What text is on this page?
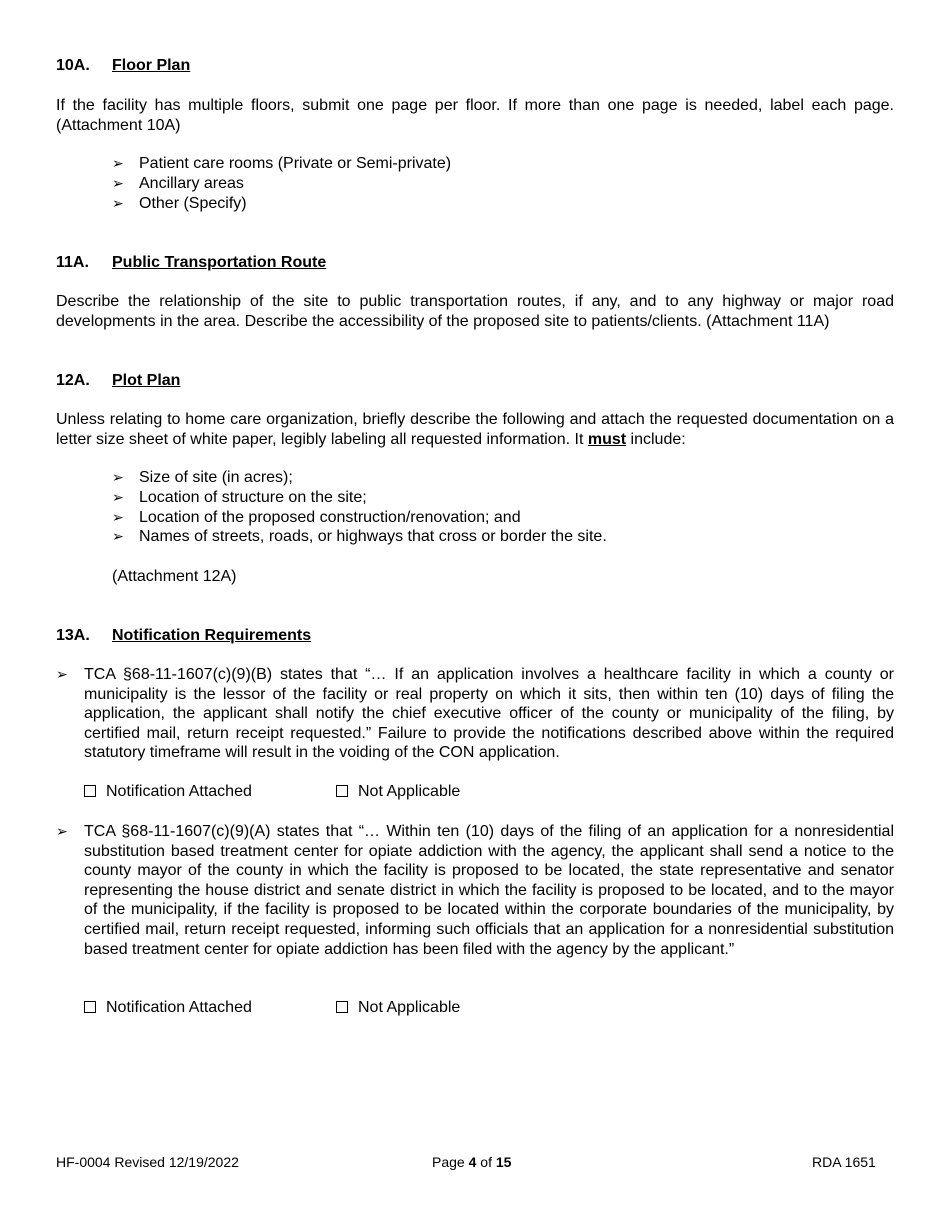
10A. Floor Plan
If the facility has multiple floors, submit one page per floor. If more than one page is needed, label each page. (Attachment 10A)
➢ Patient care rooms (Private or Semi-private)
➢ Ancillary areas
➢ Other (Specify)
11A. Public Transportation Route
Describe the relationship of the site to public transportation routes, if any, and to any highway or major road developments in the area. Describe the accessibility of the proposed site to patients/clients. (Attachment 11A)
12A. Plot Plan
Unless relating to home care organization, briefly describe the following and attach the requested documentation on a letter size sheet of white paper, legibly labeling all requested information. It must include:
➢ Size of site (in acres);
➢ Location of structure on the site;
➢ Location of the proposed construction/renovation; and
➢ Names of streets, roads, or highways that cross or border the site.
(Attachment 12A)
13A. Notification Requirements
➢ TCA §68-11-1607(c)(9)(B) states that “… If an application involves a healthcare facility in which a county or municipality is the lessor of the facility or real property on which it sits, then within ten (10) days of filing the application, the applicant shall notify the chief executive officer of the county or municipality of the filing, by certified mail, return receipt requested.” Failure to provide the notifications described above within the required statutory timeframe will result in the voiding of the CON application.
Notification Attached	Not Applicable
➢ TCA §68-11-1607(c)(9)(A) states that “… Within ten (10) days of the filing of an application for a nonresidential substitution based treatment center for opiate addiction with the agency, the applicant shall send a notice to the county mayor of the county in which the facility is proposed to be located, the state representative and senator representing the house district and senate district in which the facility is proposed to be located, and to the mayor of the municipality, if the facility is proposed to be located within the corporate boundaries of the municipality, by certified mail, return receipt requested, informing such officials that an application for a nonresidential substitution based treatment center for opiate addiction has been filed with the agency by the applicant.”
Notification Attached	Not Applicable
HF-0004 Revised 12/19/2022	Page 4 of 15	RDA 1651
